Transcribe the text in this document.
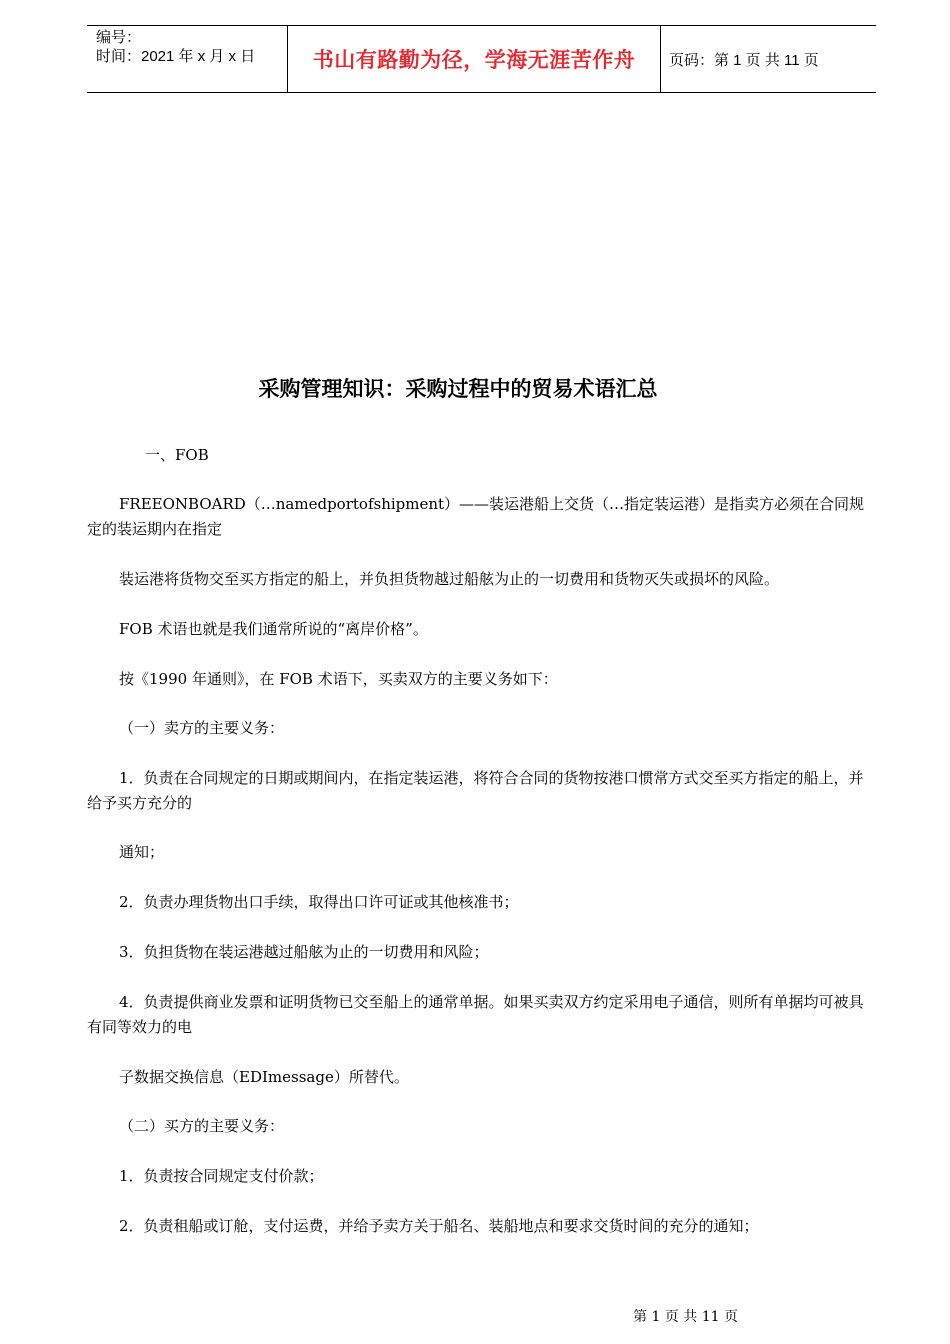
编号：
时间：2021 年 x 月 x 日	书山有路勤为径，学海无涯苦作舟	页码：第 1 页 共 11 页
采购管理知识：采购过程中的贸易术语汇总
一、FOB
FREEONBOARD（…namedportofshipment）——装运港船上交货（…指定装运港）是指卖方必须在合同规定的装运期内在指定
装运港将货物交至买方指定的船上，并负担货物越过船舷为止的一切费用和货物灭失或损坏的风险。
FOB 术语也就是我们通常所说的“离岸价格”。
按《1990 年通则》，在 FOB 术语下，买卖双方的主要义务如下：
（一）卖方的主要义务：
1．负责在合同规定的日期或期间内，在指定装运港，将符合合同的货物按港口惯常方式交至买方指定的船上，并给予买方充分的
通知；
2．负责办理货物出口手续，取得出口许可证或其他核准书；
3．负担货物在装运港越过船舷为止的一切费用和风险；
4．负责提供商业发票和证明货物已交至船上的通常单据。如果买卖双方约定采用电子通信，则所有单据均可被具有同等效力的电
子数据交换信息（EDImessage）所替代。
（二）买方的主要义务：
1．负责按合同规定支付价款；
2．负责租船或订舱，支付运费，并给予卖方关于船名、装船地点和要求交货时间的充分的通知；
第 1 页 共 11 页
